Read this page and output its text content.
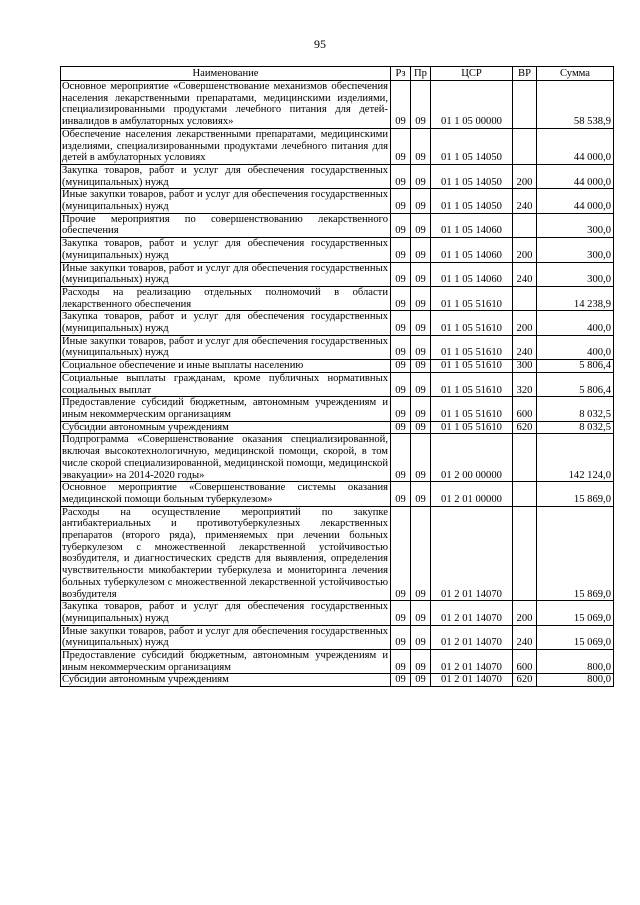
95
Наименование	Рз	Пр	ЦСР	ВР	Сумма
Основное мероприятие «Совершенствование механизмов обеспечения населения лекарственными препаратами, медицинскими изделиями, специализированными продуктами лечебного питания для детей-инвалидов в амбулаторных условиях»	09	09	01 1 05 00000		58 538,9
Обеспечение населения лекарственными препаратами, медицинскими изделиями, специализированными продуктами лечебного питания для детей в амбулаторных условиях	09	09	01 1 05 14050		44 000,0
Закупка товаров, работ и услуг для обеспечения государственных (муниципальных) нужд	09	09	01 1 05 14050	200	44 000,0
Иные закупки товаров, работ и услуг для обеспечения государственных (муниципальных) нужд	09	09	01 1 05 14050	240	44 000,0
Прочие мероприятия по совершенствованию лекарственного обеспечения	09	09	01 1 05 14060		300,0
Закупка товаров, работ и услуг для обеспечения государственных (муниципальных) нужд	09	09	01 1 05 14060	200	300,0
Иные закупки товаров, работ и услуг для обеспечения государственных (муниципальных) нужд	09	09	01 1 05 14060	240	300,0
Расходы на реализацию отдельных полномочий в области лекарственного обеспечения	09	09	01 1 05 51610		14 238,9
Закупка товаров, работ и услуг для обеспечения государственных (муниципальных) нужд	09	09	01 1 05 51610	200	400,0
Иные закупки товаров, работ и услуг для обеспечения государственных (муниципальных) нужд	09	09	01 1 05 51610	240	400,0
Социальное обеспечение и иные выплаты населению	09	09	01 1 05 51610	300	5 806,4
Социальные выплаты гражданам, кроме публичных нормативных социальных выплат	09	09	01 1 05 51610	320	5 806,4
Предоставление субсидий бюджетным, автономным учреждениям и иным некоммерческим организациям	09	09	01 1 05 51610	600	8 032,5
Субсидии автономным учреждениям	09	09	01 1 05 51610	620	8 032,5
Подпрограмма «Совершенствование оказания специализированной, включая высокотехнологичную, медицинской помощи, скорой, в том числе скорой специализированной, медицинской помощи, медицинской эвакуации» на 2014-2020 годы»	09	09	01 2 00 00000		142 124,0
Основное мероприятие «Совершенствование системы оказания медицинской помощи больным туберкулезом»	09	09	01 2 01 00000		15 869,0
Расходы на осуществление мероприятий по закупке антибактериальных и противотуберкулезных лекарственных препаратов (второго ряда), применяемых при лечении больных туберкулезом с множественной лекарственной устойчивостью возбудителя, и диагностических средств для выявления, определения чувствительности микобактерии туберкулеза и мониторинга лечения больных туберкулезом с множественной лекарственной устойчивостью возбудителя	09	09	01 2 01 14070		15 869,0
Закупка товаров, работ и услуг для обеспечения государственных (муниципальных) нужд	09	09	01 2 01 14070	200	15 069,0
Иные закупки товаров, работ и услуг для обеспечения государственных (муниципальных) нужд	09	09	01 2 01 14070	240	15 069,0
Предоставление субсидий бюджетным, автономным учреждениям и иным некоммерческим организациям	09	09	01 2 01 14070	600	800,0
Субсидии автономным учреждениям	09	09	01 2 01 14070	620	800,0
